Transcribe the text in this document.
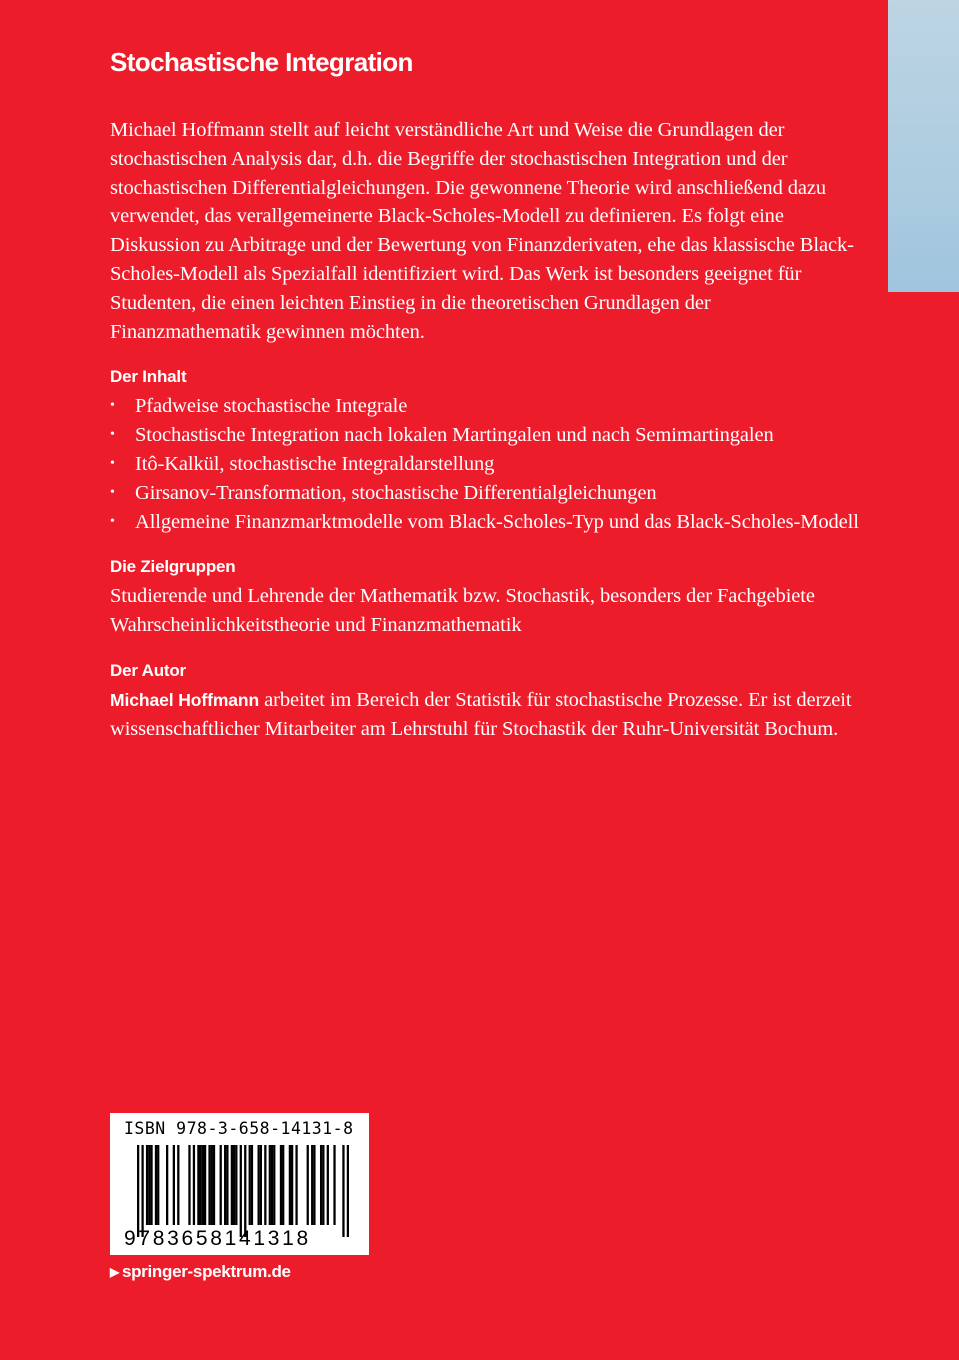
Stochastische Integration

Michael Hoffmann stellt auf leicht verständliche Art und Weise die Grundlagen der stochastischen Analysis dar, d.h. die Begriffe der stochastischen Integration und der stochastischen Differentialgleichungen. Die gewonnene Theorie wird anschließend dazu verwendet, das verallgemeinerte Black-Scholes-Modell zu definieren. Es folgt eine Diskussion zu Arbitrage und der Bewertung von Finanzderivaten, ehe das klassische Black-Scholes-Modell als Spezialfall identifiziert wird. Das Werk ist besonders geeignet für Studenten, die einen leichten Einstieg in die theoretischen Grundlagen der Finanzmathematik gewinnen möchten.

Der Inhalt
• Pfadweise stochastische Integrale
• Stochastische Integration nach lokalen Martingalen und nach Semimartingalen
• Itô-Kalkül, stochastische Integraldarstellung
• Girsanov-Transformation, stochastische Differentialgleichungen
• Allgemeine Finanzmarktmodelle vom Black-Scholes-Typ und das Black-Scholes-Modell
Die Zielgruppen

Studierende und Lehrende der Mathematik bzw. Stochastik, besonders der Fachgebiete Wahrscheinlichkeitstheorie und Finanzmathematik

Der Autor

Michael Hoffmann arbeitet im Bereich der Statistik für stochastische Prozesse. Er ist derzeit wissenschaftlicher Mitarbeiter am Lehrstuhl für Stochastik der Ruhr-Universität Bochum.

ISBN 978-3-658-14131-8
9783658141318
▶ springer-spektrum.de
